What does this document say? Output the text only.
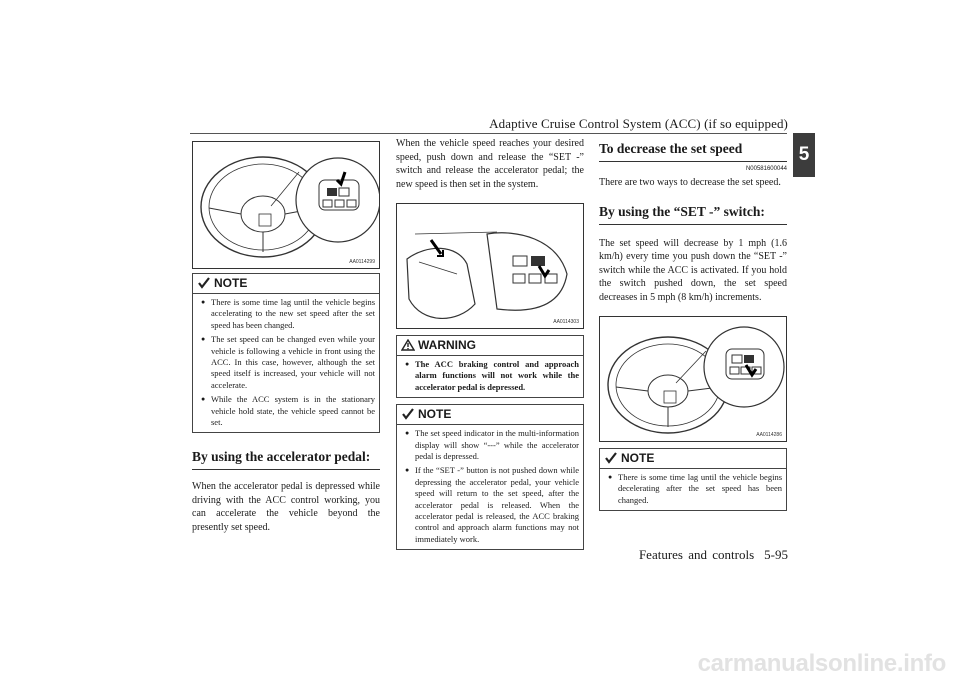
Adaptive Cruise Control System (ACC) (if so equipped)
5
AA0114299
NOTE
● There is some time lag until the vehicle begins accelerating to the new set speed after the set speed has been changed.
● The set speed can be changed even while your vehicle is following a vehicle in front using the ACC. In this case, however, although the set speed itself is increased, your vehicle will not accelerate.
● While the ACC system is in the stationary vehicle hold state, the vehicle speed cannot be set.
By using the accelerator pedal:
When the accelerator pedal is depressed while driving with the ACC control working, you can accelerate the vehicle beyond the presently set speed.
When the vehicle speed reaches your desired speed, push down and release the “SET -” switch and release the accelerator pedal; the new speed is then set in the system.
AA0114303
WARNING
● The ACC braking control and approach alarm functions will not work while the accelerator pedal is depressed.
NOTE
● The set speed indicator in the multi-information display will show “---” while the accelerator pedal is depressed.
● If the “SET -” button is not pushed down while depressing the accelerator pedal, your vehicle speed will return to the set speed, after the accelerator pedal is released. When the accelerator pedal is released, the ACC braking control and approach alarm functions may not immediately work.
To decrease the set speed
N00581600044
There are two ways to decrease the set speed.
By using the “SET -” switch:
The set speed will decrease by 1 mph (1.6 km/h) every time you push down the “SET -” switch while the ACC is activated. If you hold the switch pushed down, the set speed decreases in 5 mph (8 km/h) increments.
AA0114286
NOTE
● There is some time lag until the vehicle begins decelerating after the set speed has been changed.
Features and controls 5-95
carmanualsonline.info
